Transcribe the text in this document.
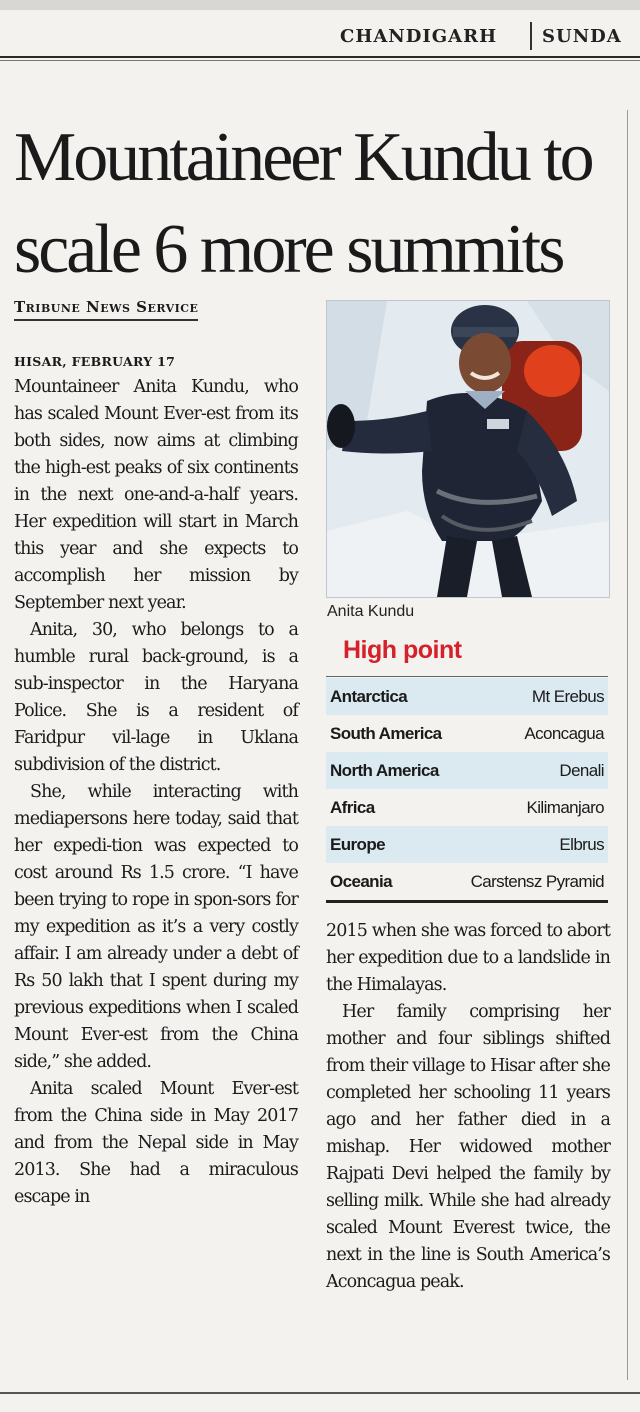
CHANDIGARH SUNDA
Mountaineer Kundu to
scale 6 more summits
Tribune News Service
HISAR, FEBRUARY 17

Mountaineer Anita Kundu, who has scaled Mount Ever-est from its both sides, now aims at climbing the high-est peaks of six continents in the next one-and-a-half years. Her expedition will start in March this year and she expects to accomplish her mission by September next year.

Anita, 30, who belongs to a humble rural back-ground, is a sub-inspector in the Haryana Police. She is a resident of Faridpur vil-lage in Uklana subdivision of the district.

She, while interacting with mediapersons here today, said that her expedi-tion was expected to cost around Rs 1.5 crore. “I have been trying to rope in spon-sors for my expedition as it’s a very costly affair. I am already under a debt of Rs 50 lakh that I spent during my previous expeditions when I scaled Mount Ever-est from the China side,” she added.

Anita scaled Mount Ever-est from the China side in May 2017 and from the Nepal side in May 2013. She had a miraculous escape in

Anita Kundu
High point
Antarctica	Mt Erebus
South America	Aconcagua
North America	Denali
Africa	Kilimanjaro
Europe	Elbrus
Oceania	Carstensz Pyramid

2015 when she was forced to abort her expedition due to a landslide in the Himalayas.

Her family comprising her mother and four siblings shifted from their village to Hisar after she completed her schooling 11 years ago and her father died in a mishap. Her widowed mother Rajpati Devi helped the family by selling milk. While she had already scaled Mount Everest twice, the next in the line is South America’s Aconcagua peak.
